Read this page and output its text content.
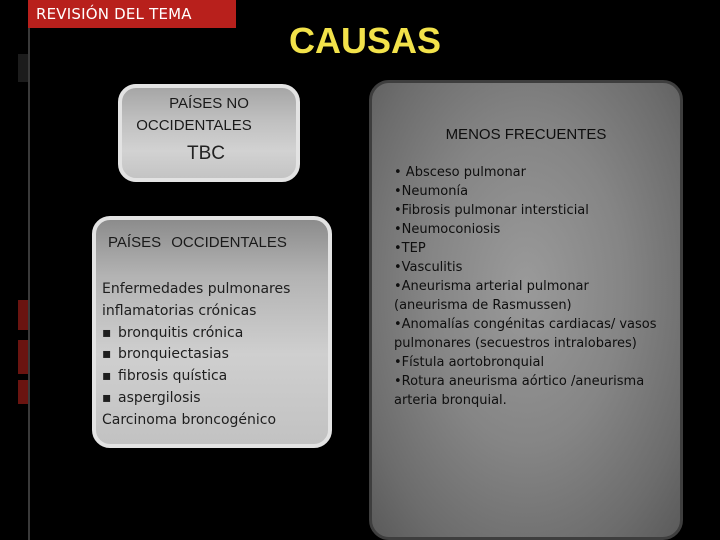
REVISIÓN DEL TEMA
CAUSAS
PAÍSES NO
OCCIDENTALES
TBC
PAÍSES OCCIDENTALES
Enfermedades pulmonares
inflamatorias crónicas
▪ bronquitis crónica
▪ bronquiectasias
▪ fibrosis quística
▪ aspergilosis
Carcinoma broncogénico
MENOS FRECUENTES
• Absceso pulmonar
•Neumonía
•Fibrosis pulmonar intersticial
•Neumoconiosis
•TEP
•Vasculitis
•Aneurisma arterial pulmonar
(aneurisma de Rasmussen)
•Anomalías congénitas cardiacas/ vasos
pulmonares (secuestros intralobares)
•Fístula aortobronquial
•Rotura aneurisma aórtico /aneurisma
arteria bronquial.
